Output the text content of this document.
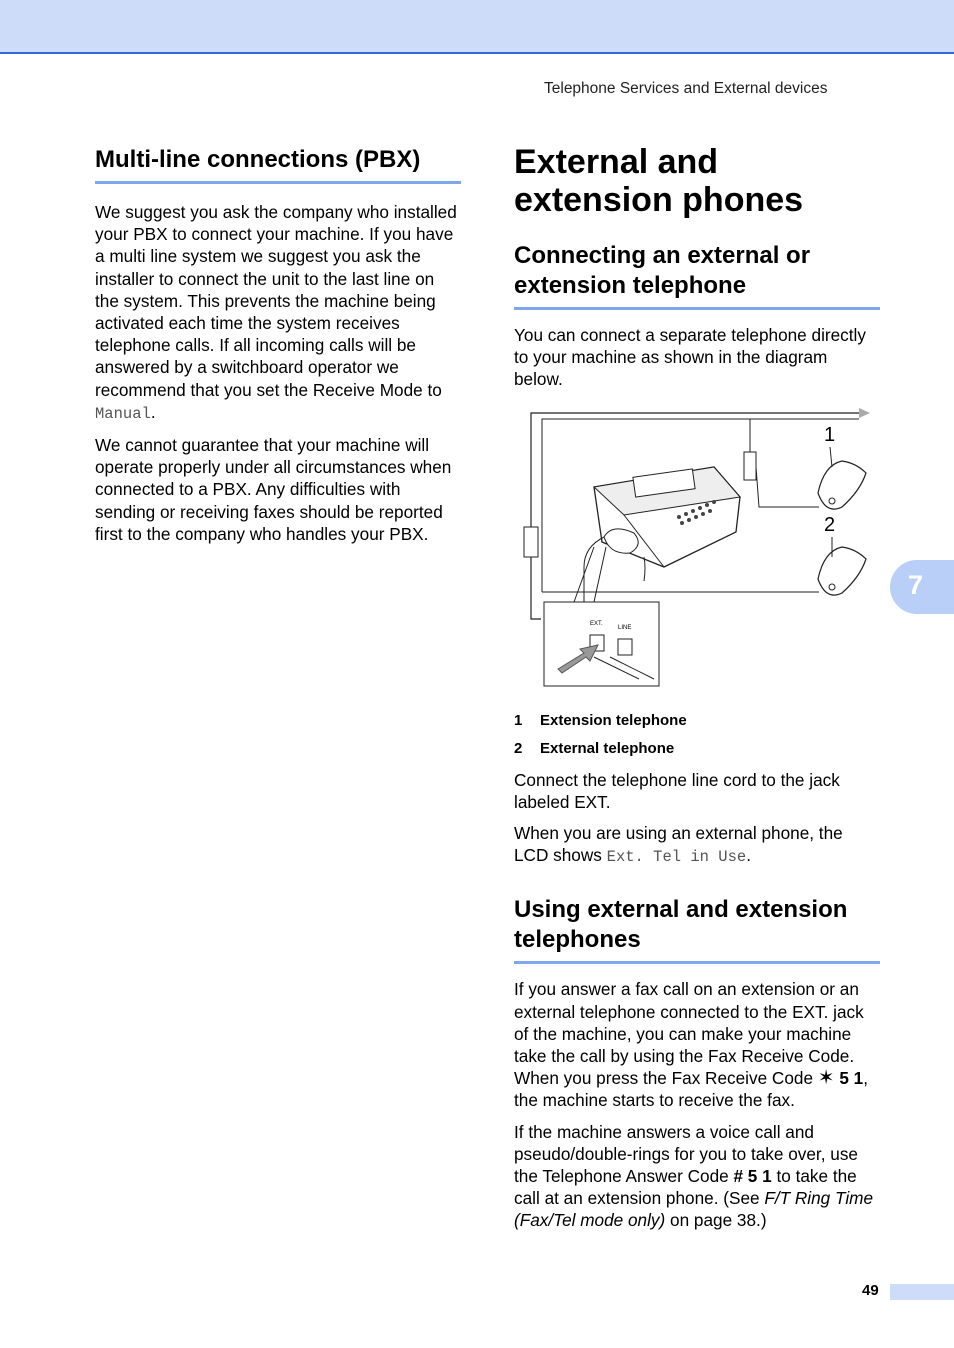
Telephone Services and External devices
7
Multi-line connections (PBX)

We suggest you ask the company who installed your PBX to connect your machine. If you have a multi line system we suggest you ask the installer to connect the unit to the last line on the system. This prevents the machine being activated each time the system receives telephone calls. If all incoming calls will be answered by a switchboard operator we recommend that you set the Receive Mode to Manual.

We cannot guarantee that your machine will operate properly under all circumstances when connected to a PBX. Any difficulties with sending or receiving faxes should be reported first to the company who handles your PBX.

External and extension phones
Connecting an external or extension telephone

You can connect a separate telephone directly to your machine as shown in the diagram below.

1
2
EXT.
LINE
1 Extension telephone
2 External telephone

Connect the telephone line cord to the jack labeled EXT.

When you are using an external phone, the LCD shows Ext. Tel in Use.

Using external and extension telephones

If you answer a fax call on an extension or an external telephone connected to the EXT. jack of the machine, you can make your machine take the call by using the Fax Receive Code. When you press the Fax Receive Code ✶ 5 1, the machine starts to receive the fax.

If the machine answers a voice call and pseudo/double-rings for you to take over, use the Telephone Answer Code # 5 1 to take the call at an extension phone. (See F/T Ring Time (Fax/Tel mode only) on page 38.)

49
